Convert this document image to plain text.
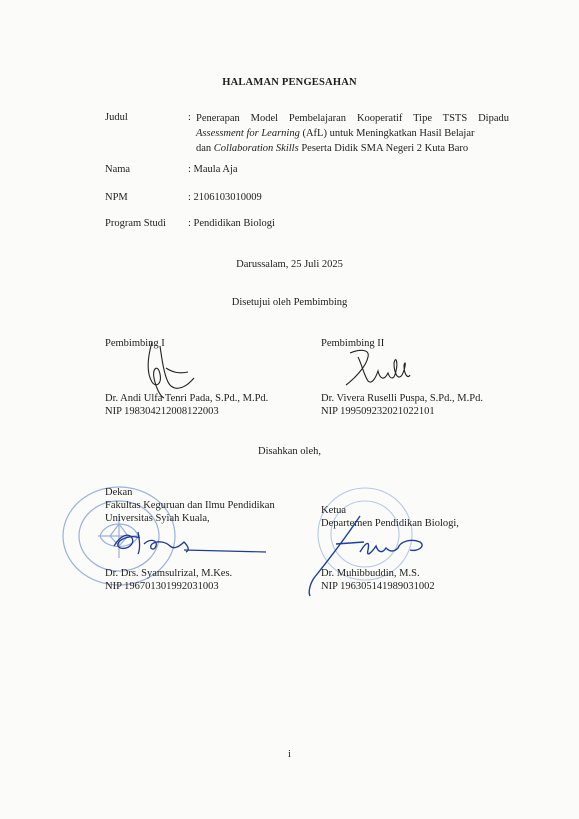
HALAMAN PENGESAHAN
Judul	: Penerapan Model Pembelajaran Kooperatif Tipe TSTS Dipadu
Assessment for Learning (AfL) untuk Meningkatkan Hasil Belajar
dan Collaboration Skills Peserta Didik SMA Negeri 2 Kuta Baro
Nama	: Maula Aja
NPM	: 2106103010009
Program Studi : Pendidikan Biologi
Darussalam, 25 Juli 2025
Disetujui oleh Pembimbing
Pembimbing I
Dr. Andi Ulfa Tenri Pada, S.Pd., M.Pd.
NIP 198304212008122003
Pembimbing II
Dr. Vivera Ruselli Puspa, S.Pd., M.Pd.
NIP 199509232021022101
Disahkan oleh,
Dekan
Fakultas Keguruan dan Ilmu Pendidikan
Universitas Syiah Kuala,
Dr. Drs. Syamsulrizal, M.Kes.
NIP 196701301992031003
Ketua
Departemen Pendidikan Biologi,
Dr. Muhibbuddin, M.S.
NIP 196305141989031002
i
